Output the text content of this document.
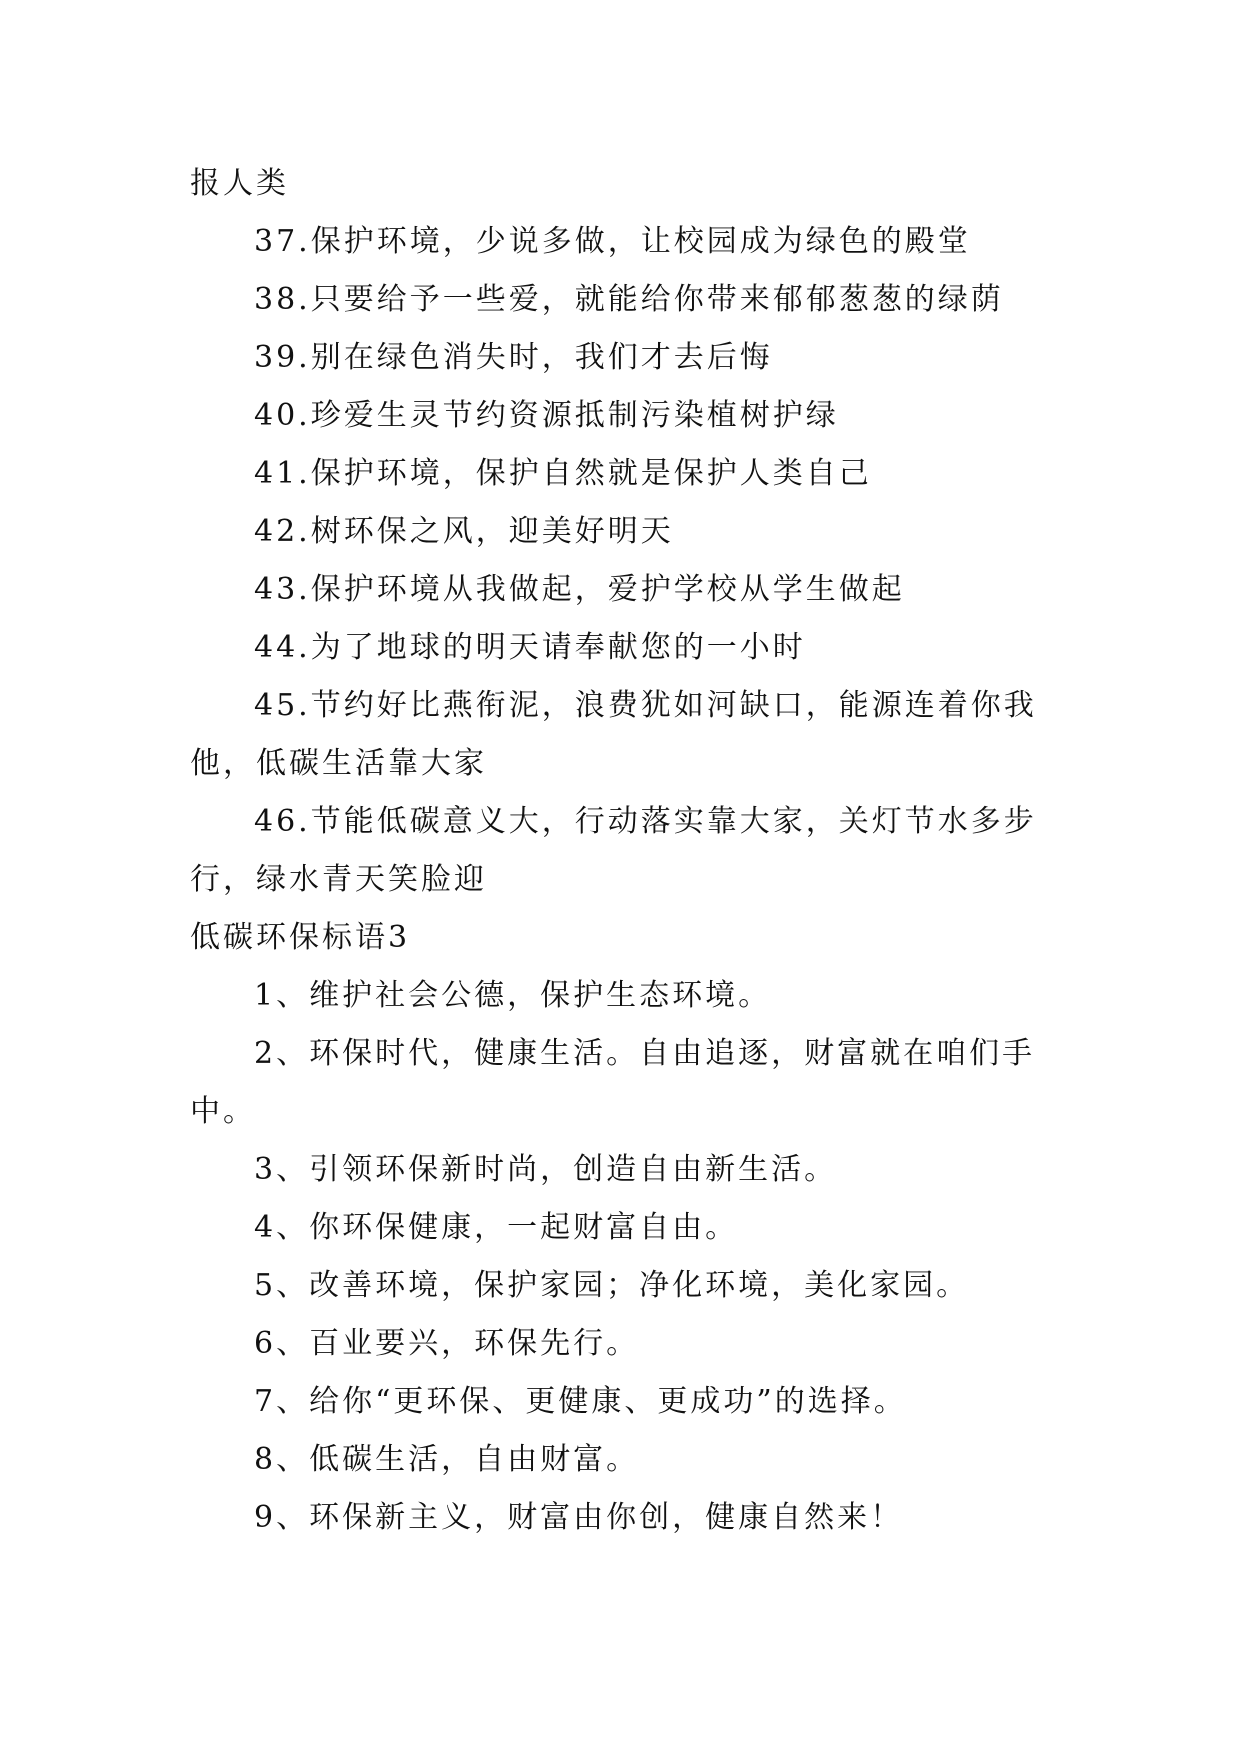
报人类

37.保护环境，少说多做，让校园成为绿色的殿堂

38.只要给予一些爱，就能给你带来郁郁葱葱的绿荫

39.别在绿色消失时，我们才去后悔

40.珍爱生灵节约资源抵制污染植树护绿

41.保护环境，保护自然就是保护人类自己

42.树环保之风，迎美好明天

43.保护环境从我做起，爱护学校从学生做起

44.为了地球的明天请奉献您的一小时

45.节约好比燕衔泥，浪费犹如河缺口，能源连着你我他，低碳生活靠大家

46.节能低碳意义大，行动落实靠大家，关灯节水多步行，绿水青天笑脸迎

低碳环保标语3

1、维护社会公德，保护生态环境。

2、环保时代，健康生活。自由追逐，财富就在咱们手中。

3、引领环保新时尚，创造自由新生活。

4、你环保健康，一起财富自由。

5、改善环境，保护家园；净化环境，美化家园。

6、百业要兴，环保先行。

7、给你“更环保、更健康、更成功”的选择。

8、低碳生活，自由财富。

9、环保新主义，财富由你创，健康自然来！
